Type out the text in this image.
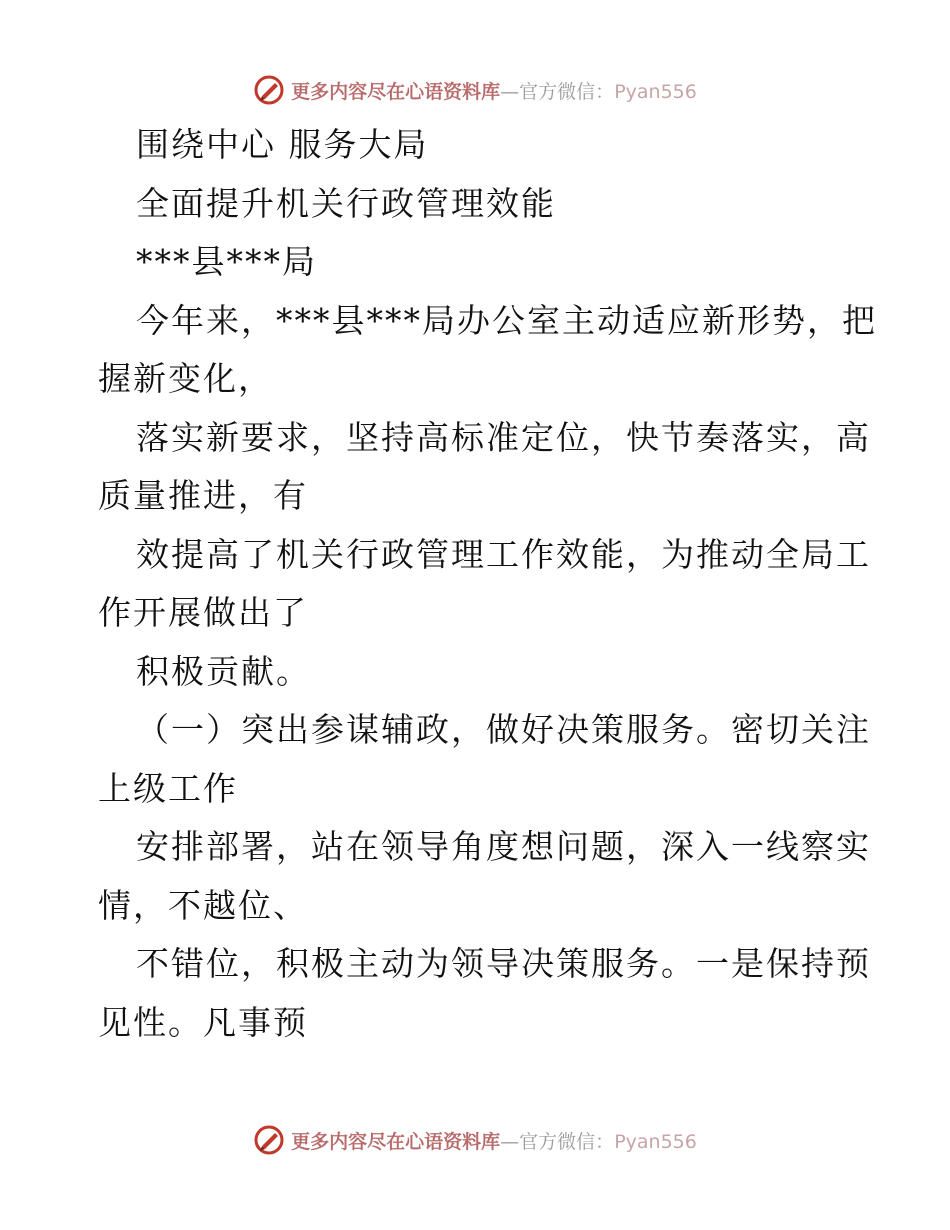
更多内容尽在心语资料库—官方微信：Pyan556
围绕中心 服务大局
全面提升机关行政管理效能
***县***局
今年来，***县***局办公室主动适应新形势，把
握新变化，
落实新要求，坚持高标准定位，快节奏落实，高
质量推进，有
效提高了机关行政管理工作效能，为推动全局工
作开展做出了
积极贡献。
（一）突出参谋辅政，做好决策服务。密切关注
上级工作
安排部署，站在领导角度想问题，深入一线察实
情，不越位、
不错位，积极主动为领导决策服务。一是保持预
见性。凡事预
更多内容尽在心语资料库—官方微信：Pyan556
